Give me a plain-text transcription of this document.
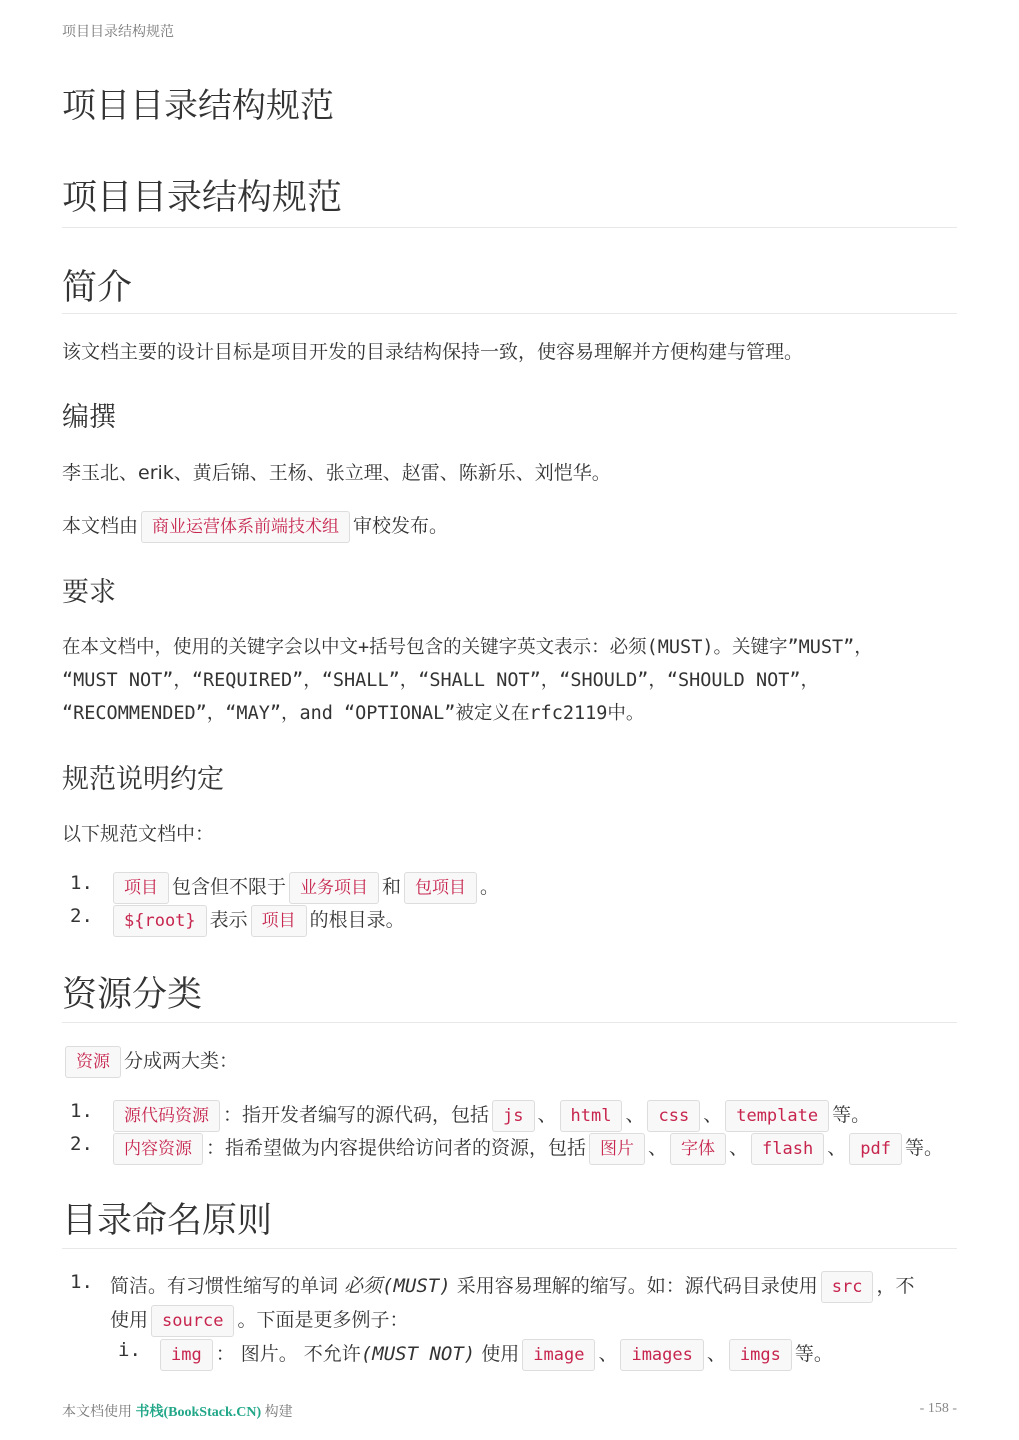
项目目录结构规范
项目目录结构规范
项目目录结构规范
简介

该文档主要的设计目标是项目开发的目录结构保持一致，使容易理解并方便构建与管理。

编撰

李玉北、erik、黄后锦、王杨、张立理、赵雷、陈新乐、刘恺华。

本文档由 商业运营体系前端技术组 审校发布。

要求

在本文档中，使用的关键字会以中文+括号包含的关键字英文表示：必须(MUST)。关键字”MUST”，

“MUST NOT”，“REQUIRED”，“SHALL”，“SHALL NOT”，“SHOULD”，“SHOULD NOT”，

“RECOMMENDED”，“MAY”，and “OPTIONAL”被定义在rfc2119中。

规范说明约定

以下规范文档中：

1.	项目 包含但不限于 业务项目 和 包项目 。
2.	${root} 表示 项目 的根目录。
资源分类

资源 分成两大类：

1.	源代码资源 ：指开发者编写的源代码，包括 js 、 html 、 css 、 template 等。
2.	内容资源 ：指希望做为内容提供给访问者的资源，包括 图片 、 字体 、 flash 、 pdf 等。
目录命名原则
1. 简洁。有习惯性缩写的单词 必须(MUST) 采用容易理解的缩写。如：源代码目录使用 src ，不
使用 source 。下面是更多例子：
i.	img ： 图片。 不允许(MUST NOT) 使用 image 、 images 、 imgs 等。
本文档使用 书栈(BookStack.CN) 构建	- 158 -
